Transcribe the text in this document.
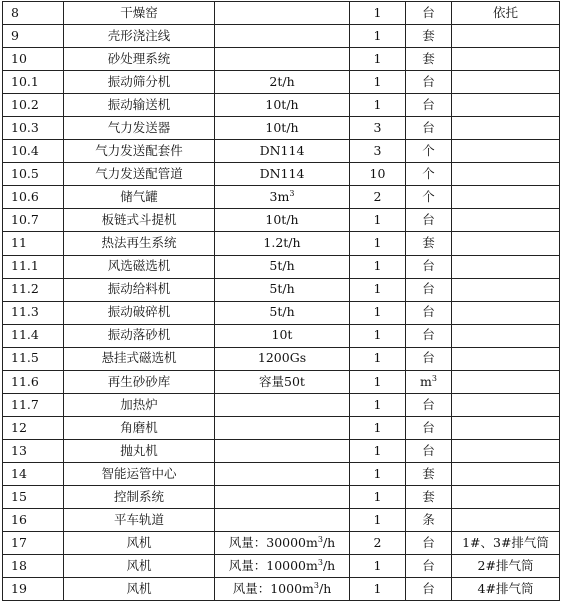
8	干燥窑		1	台	依托
9	壳形浇注线		1	套	
10	砂处理系统		1	套	
10.1	振动筛分机	2t/h	1	台	
10.2	振动输送机	10t/h	1	台	
10.3	气力发送器	10t/h	3	台	
10.4	气力发送配套件	DN114	3	个	
10.5	气力发送配管道	DN114	10	个	
10.6	储气罐	$3m^3$	2	个	
10.7	板链式斗提机	10t/h	1	台	
11	热法再生系统	1.2t/h	1	套	
11.1	风选磁选机	5t/h	1	台	
11.2	振动给料机	5t/h	1	台	
11.3	振动破碎机	5t/h	1	台	
11.4	振动落砂机	10t	1	台	
11.5	悬挂式磁选机	1200Gs	1	台	
11.6	再生砂砂库	容量50t	1	$m^3$	
11.7	加热炉		1	台	
12	角磨机		1	台	
13	抛丸机		1	台	
14	智能运管中心		1	套	
15	控制系统		1	套	
16	平车轨道		1	条	
17	风机	风量：$30000m^3/h$	2	台	1#、3#排气筒
18	风机	风量：$10000m^3/h$	1	台	2#排气筒
19	风机	风量：$1000m^3/h$	1	台	4#排气筒
